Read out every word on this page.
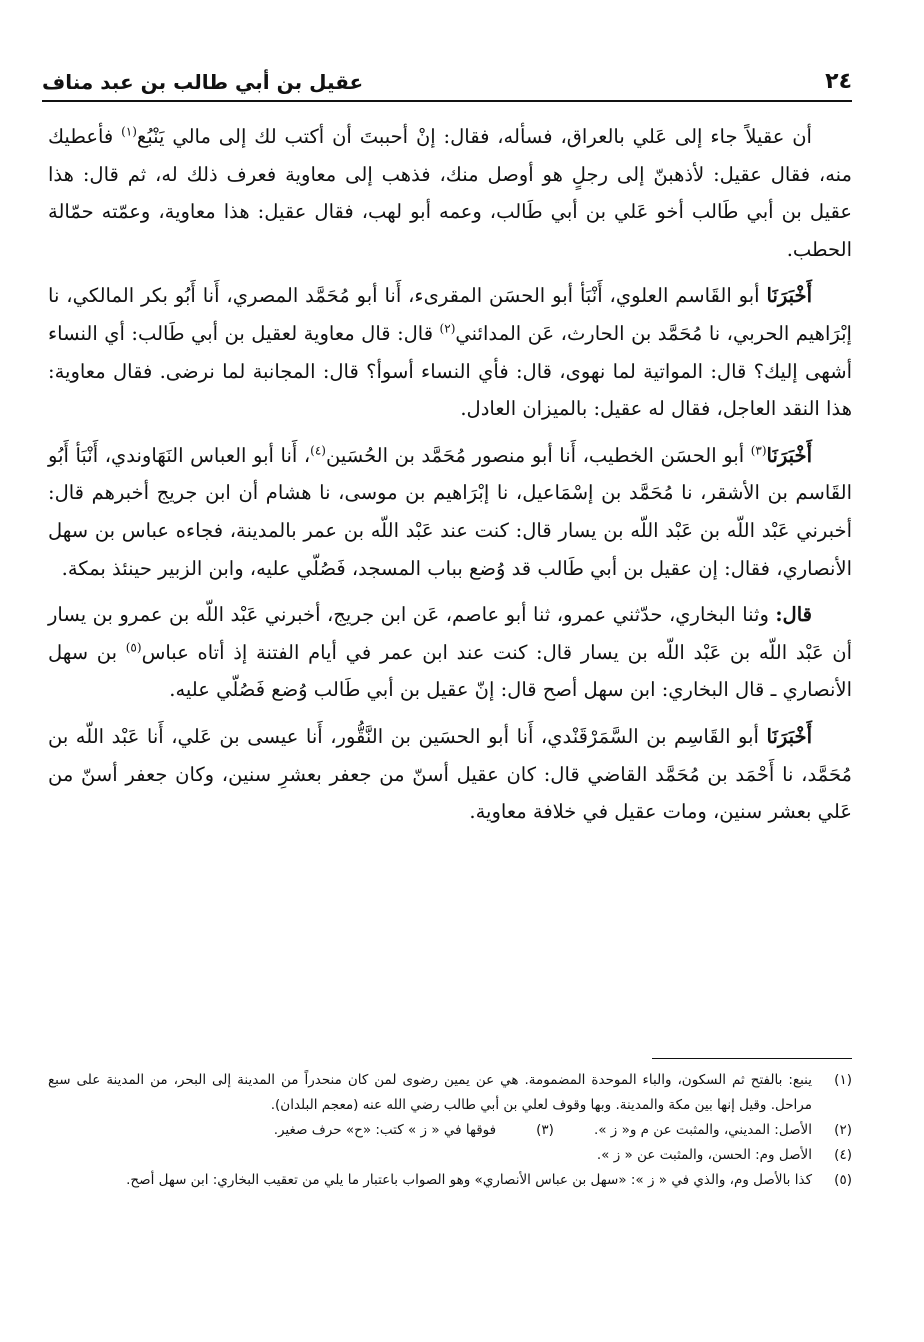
٢٤
عقيل بن أبي طالب بن عبد مناف

أن عقيلاً جاء إلى عَلي بالعراق، فسأله، فقال: إنْ أحببتَ أن أكتب لك إلى مالي يَنْبُع$^{(١)}$ فأعطيك منه، فقال عقيل: لأذهبنّ إلى رجلٍ هو أوصل منك، فذهب إلى معاوية فعرف ذلك له، ثم قال: هذا عقيل بن أبي طَالب أخو عَلي بن أبي طَالب، وعمه أبو لهب، فقال عقيل: هذا معاوية، وعمّته حمّالة الحطب.

أَخْبَرَنَا أبو القَاسم العلوي، أَنْبَأ أبو الحسَن المقرىء، أَنا أبو مُحَمَّد المصري، أَنا أَبُو بكر المالكي، نا إبْرَاهيم الحربي، نا مُحَمَّد بن الحارث، عَن المدائني$^{(٢)}$ قال: قال معاوية لعقيل بن أبي طَالب: أي النساء أشهى إليك؟ قال: المواتية لما نهوى، قال: فأي النساء أسوأ؟ قال: المجانبة لما نرضى. فقال معاوية: هذا النقد العاجل، فقال له عقيل: بالميزان العادل.

أَخْبَرَنَا$^{(٣)}$ أبو الحسَن الخطيب، أَنا أبو منصور مُحَمَّد بن الحُسَين$^{(٤)}$، أَنا أبو العباس النَهَاوندي، أَنْبَأ أَبُو القَاسم بن الأشقر، نا مُحَمَّد بن إسْمَاعيل، نا إبْرَاهيم بن موسى، نا هشام أن ابن جريج أخبرهم قال: أخبرني عَبْد اللّه بن عَبْد اللّه بن يسار قال: كنت عند عَبْد اللّه بن عمر بالمدينة، فجاءه عباس بن سهل الأنصاري، فقال: إن عقيل بن أبي طَالب قد وُضع بباب المسجد، فَصُلّي عليه، وابن الزبير حينئذ بمكة.

قال: وثنا البخاري، حدّثني عمرو، ثنا أبو عاصم، عَن ابن جريج، أخبرني عَبْد اللّه بن عمرو بن يسار أن عَبْد اللّه بن عَبْد اللّه بن يسار قال: كنت عند ابن عمر في أيام الفتنة إذ أتاه عباس$^{(٥)}$ بن سهل الأنصاري ـ قال البخاري: ابن سهل أصح قال: إنّ عقيل بن أبي طَالب وُضع فَصُلّي عليه.

أَخْبَرَنَا أبو القَاسِم بن السَّمَرْقَنْدي، أَنا أبو الحسَين بن النَّقُّور، أَنا عيسى بن عَلي، أَنا عَبْد اللّه بن مُحَمَّد، نا أَحْمَد بن مُحَمَّد القاضي قال: كان عقيل أسنّ من جعفر بعشرِ سنين، وكان جعفر أسنّ من عَلي بعشر سنين، ومات عقيل في خلافة معاوية.

(١)
ينبع: بالفتح ثم السكون، والباء الموحدة المضمومة. هي عن يمين رضوى لمن كان منحدراً من المدينة إلى البحر، من المدينة على سبع مراحل. وقيل إنها بين مكة والمدينة. وبها وقوف لعلي بن أبي طالب رضي الله عنه (معجم البلدان).
(٢)
الأصل: المديني، والمثبت عن م و« ز ».
(٣)
فوقها في « ز » كتب: «ح» حرف صغير.
(٤)
الأصل وم: الحسن، والمثبت عن « ز ».
(٥)
كذا بالأصل وم، والذي في « ز »: «سهل بن عباس الأنصاري» وهو الصواب باعتبار ما يلي من تعقيب البخاري: ابن سهل أصح.
